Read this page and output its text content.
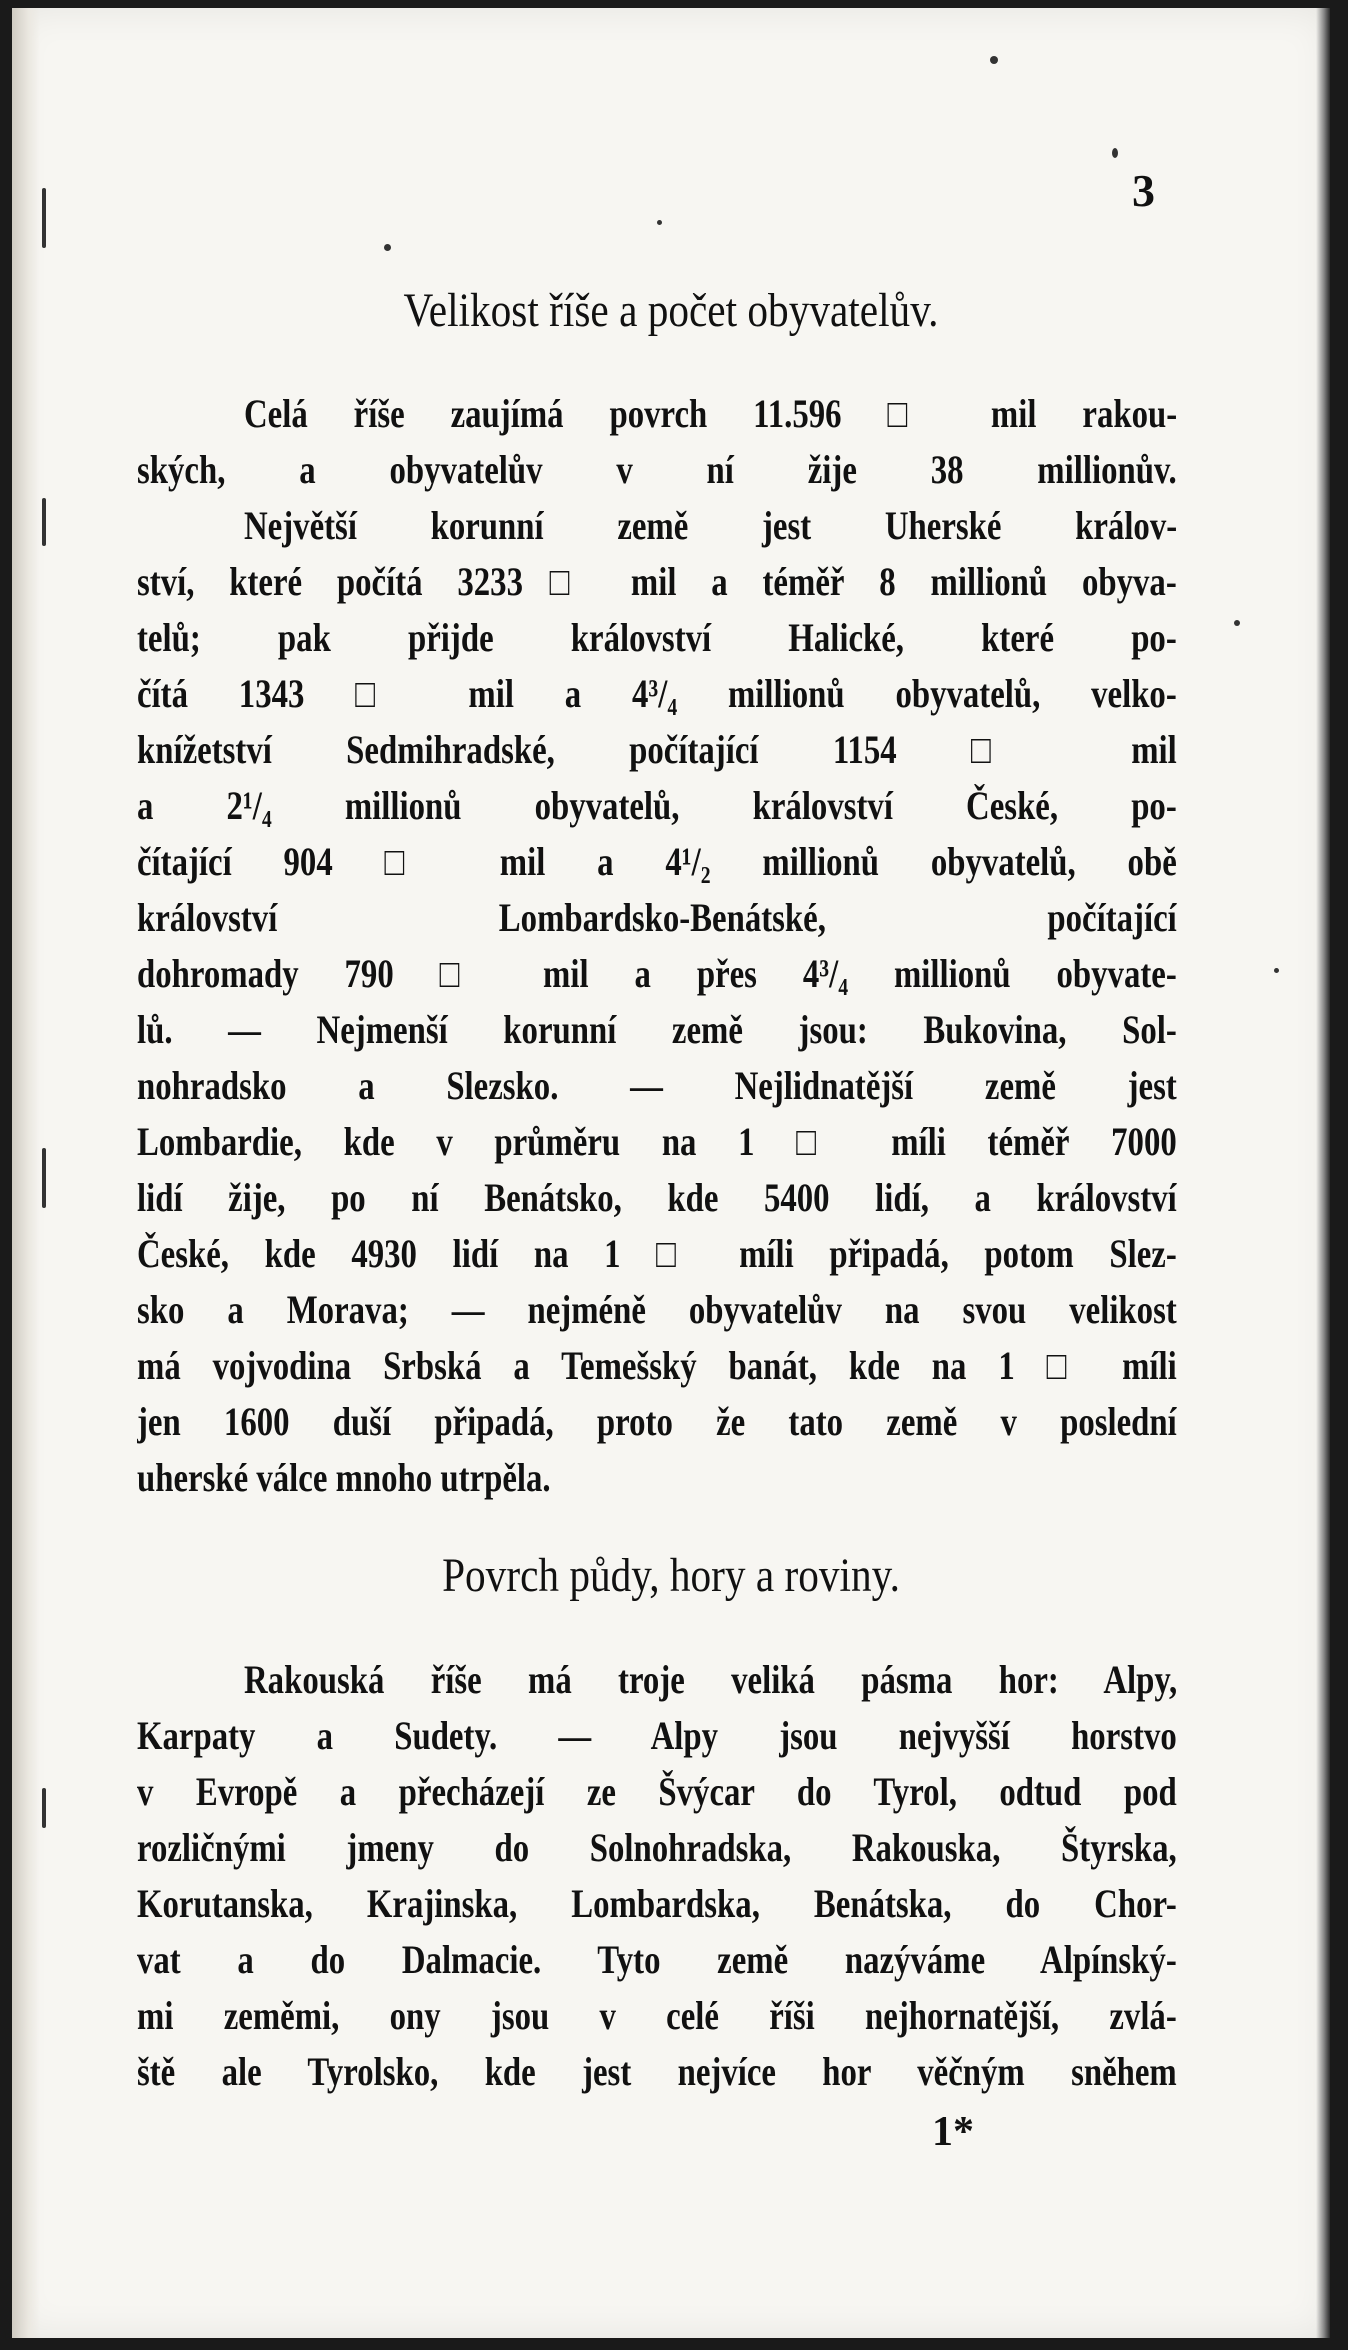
3
Velikost říše a počet obyvatelův.
Celá říše zaujímá povrch 11.596 □ mil rakou-
ských, a obyvatelův v ní žije 38 millionův.
Největší korunní země jest Uherské králov-
ství, které počítá 3233□ mil a téměř 8 millionů obyva-
telů; pak přijde království Halické, které po-
čítá 1343 □ mil a 4³/₄ millionů obyvatelů, velko-
knížetství Sedmihradské, počítající 1154 □ mil
a 2¹/₄ millionů obyvatelů, království České, po-
čítající 904 □ mil a 4¹/₂ millionů obyvatelů, obě
království Lombardsko-Benátské, počítající
dohromady 790 □ mil a přes 4³/₄ millionů obyvate-
lů. — Nejmenší korunní země jsou: Bukovina, Sol-
nohradsko a Slezsko. — Nejlidnatější země jest
Lombardie, kde v průměru na 1 □ míli téměř 7000
lidí žije, po ní Benátsko, kde 5400 lidí, a království
České, kde 4930 lidí na 1 □ míli připadá, potom Slez-
sko a Morava; — nejméně obyvatelův na svou velikost
má vojvodina Srbská a Temešský banát, kde na 1 □ míli
jen 1600 duší připadá, proto že tato země v poslední
uherské válce mnoho utrpěla.
Povrch půdy, hory a roviny.
Rakouská říše má troje veliká pásma hor: Alpy,
Karpaty a Sudety. — Alpy jsou nejvyšší horstvo
v Evropě a přecházejí ze Švýcar do Tyrol, odtud pod
rozličnými jmeny do Solnohradska, Rakouska, Štyrska,
Korutanska, Krajinska, Lombardska, Benátska, do Chor-
vat a do Dalmacie. Tyto země nazýváme Alpínský-
mi zeměmi, ony jsou v celé říši nejhornatější, zvlá-
ště ale Tyrolsko, kde jest nejvíce hor věčným sněhem
1*
